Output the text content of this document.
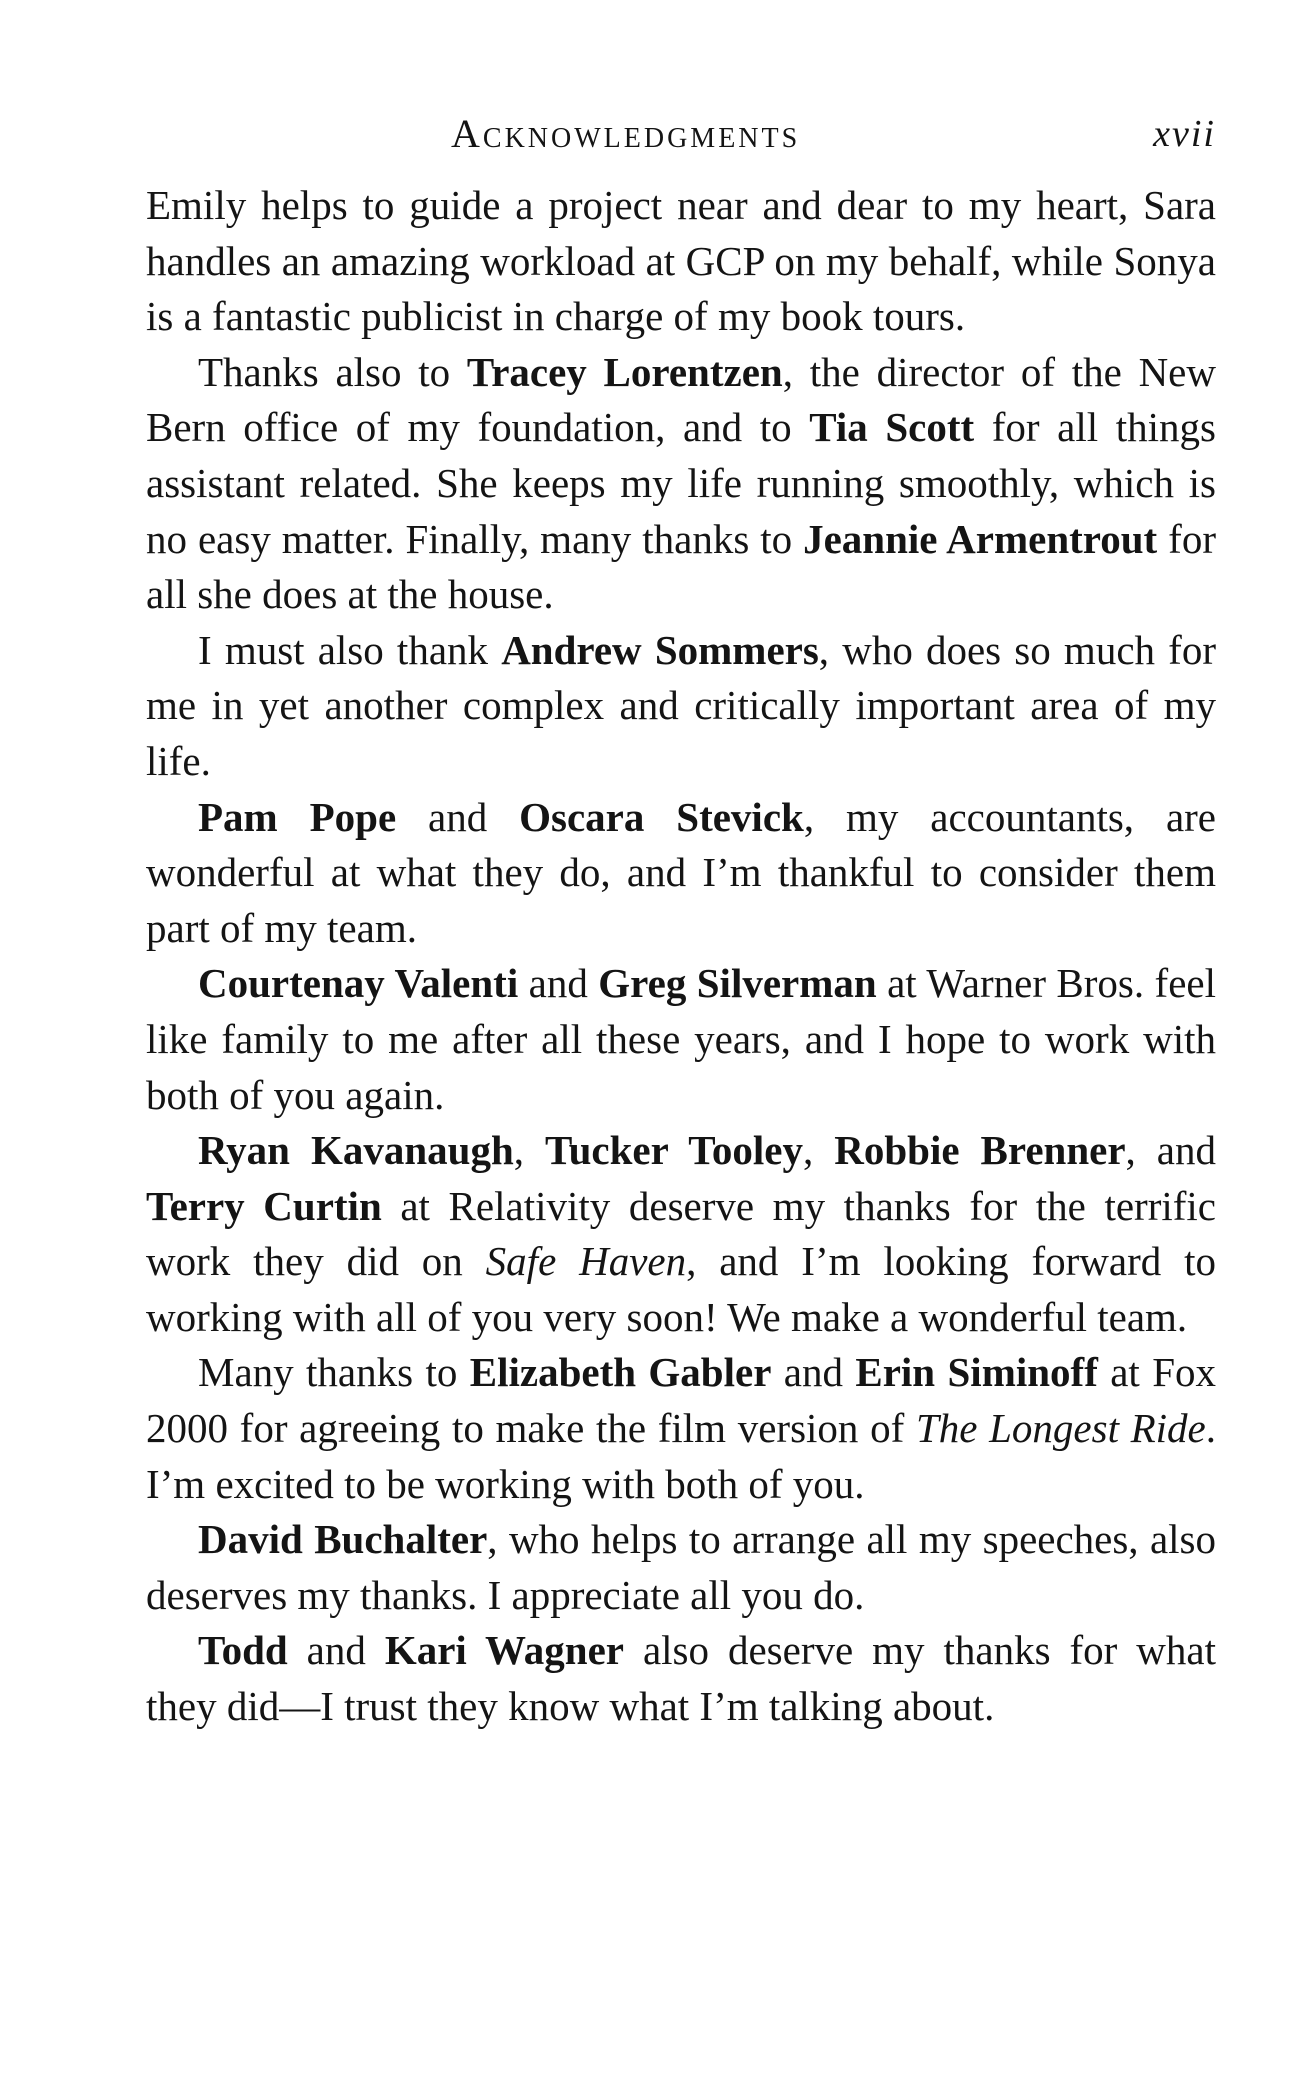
Acknowledgments	xvii

Emily helps to guide a project near and dear to my heart, Sara handles an amazing workload at GCP on my behalf, while Sonya is a fantastic publicist in charge of my book tours.

Thanks also to Tracey Lorentzen, the director of the New Bern office of my foundation, and to Tia Scott for all things assistant related. She keeps my life running smoothly, which is no easy matter. Finally, many thanks to Jeannie Armentrout for all she does at the house.

I must also thank Andrew Sommers, who does so much for me in yet another complex and critically important area of my life.

Pam Pope and Oscara Stevick, my accountants, are wonderful at what they do, and I’m thankful to consider them part of my team.

Courtenay Valenti and Greg Silverman at Warner Bros. feel like family to me after all these years, and I hope to work with both of you again.

Ryan Kavanaugh, Tucker Tooley, Robbie Brenner, and Terry Curtin at Relativity deserve my thanks for the terrific work they did on Safe Haven, and I’m looking forward to working with all of you very soon! We make a wonderful team.

Many thanks to Elizabeth Gabler and Erin Siminoff at Fox 2000 for agreeing to make the film version of The Longest Ride. I’m excited to be working with both of you.

David Buchalter, who helps to arrange all my speeches, also deserves my thanks. I appreciate all you do.

Todd and Kari Wagner also deserve my thanks for what they did—I trust they know what I’m talking about.
